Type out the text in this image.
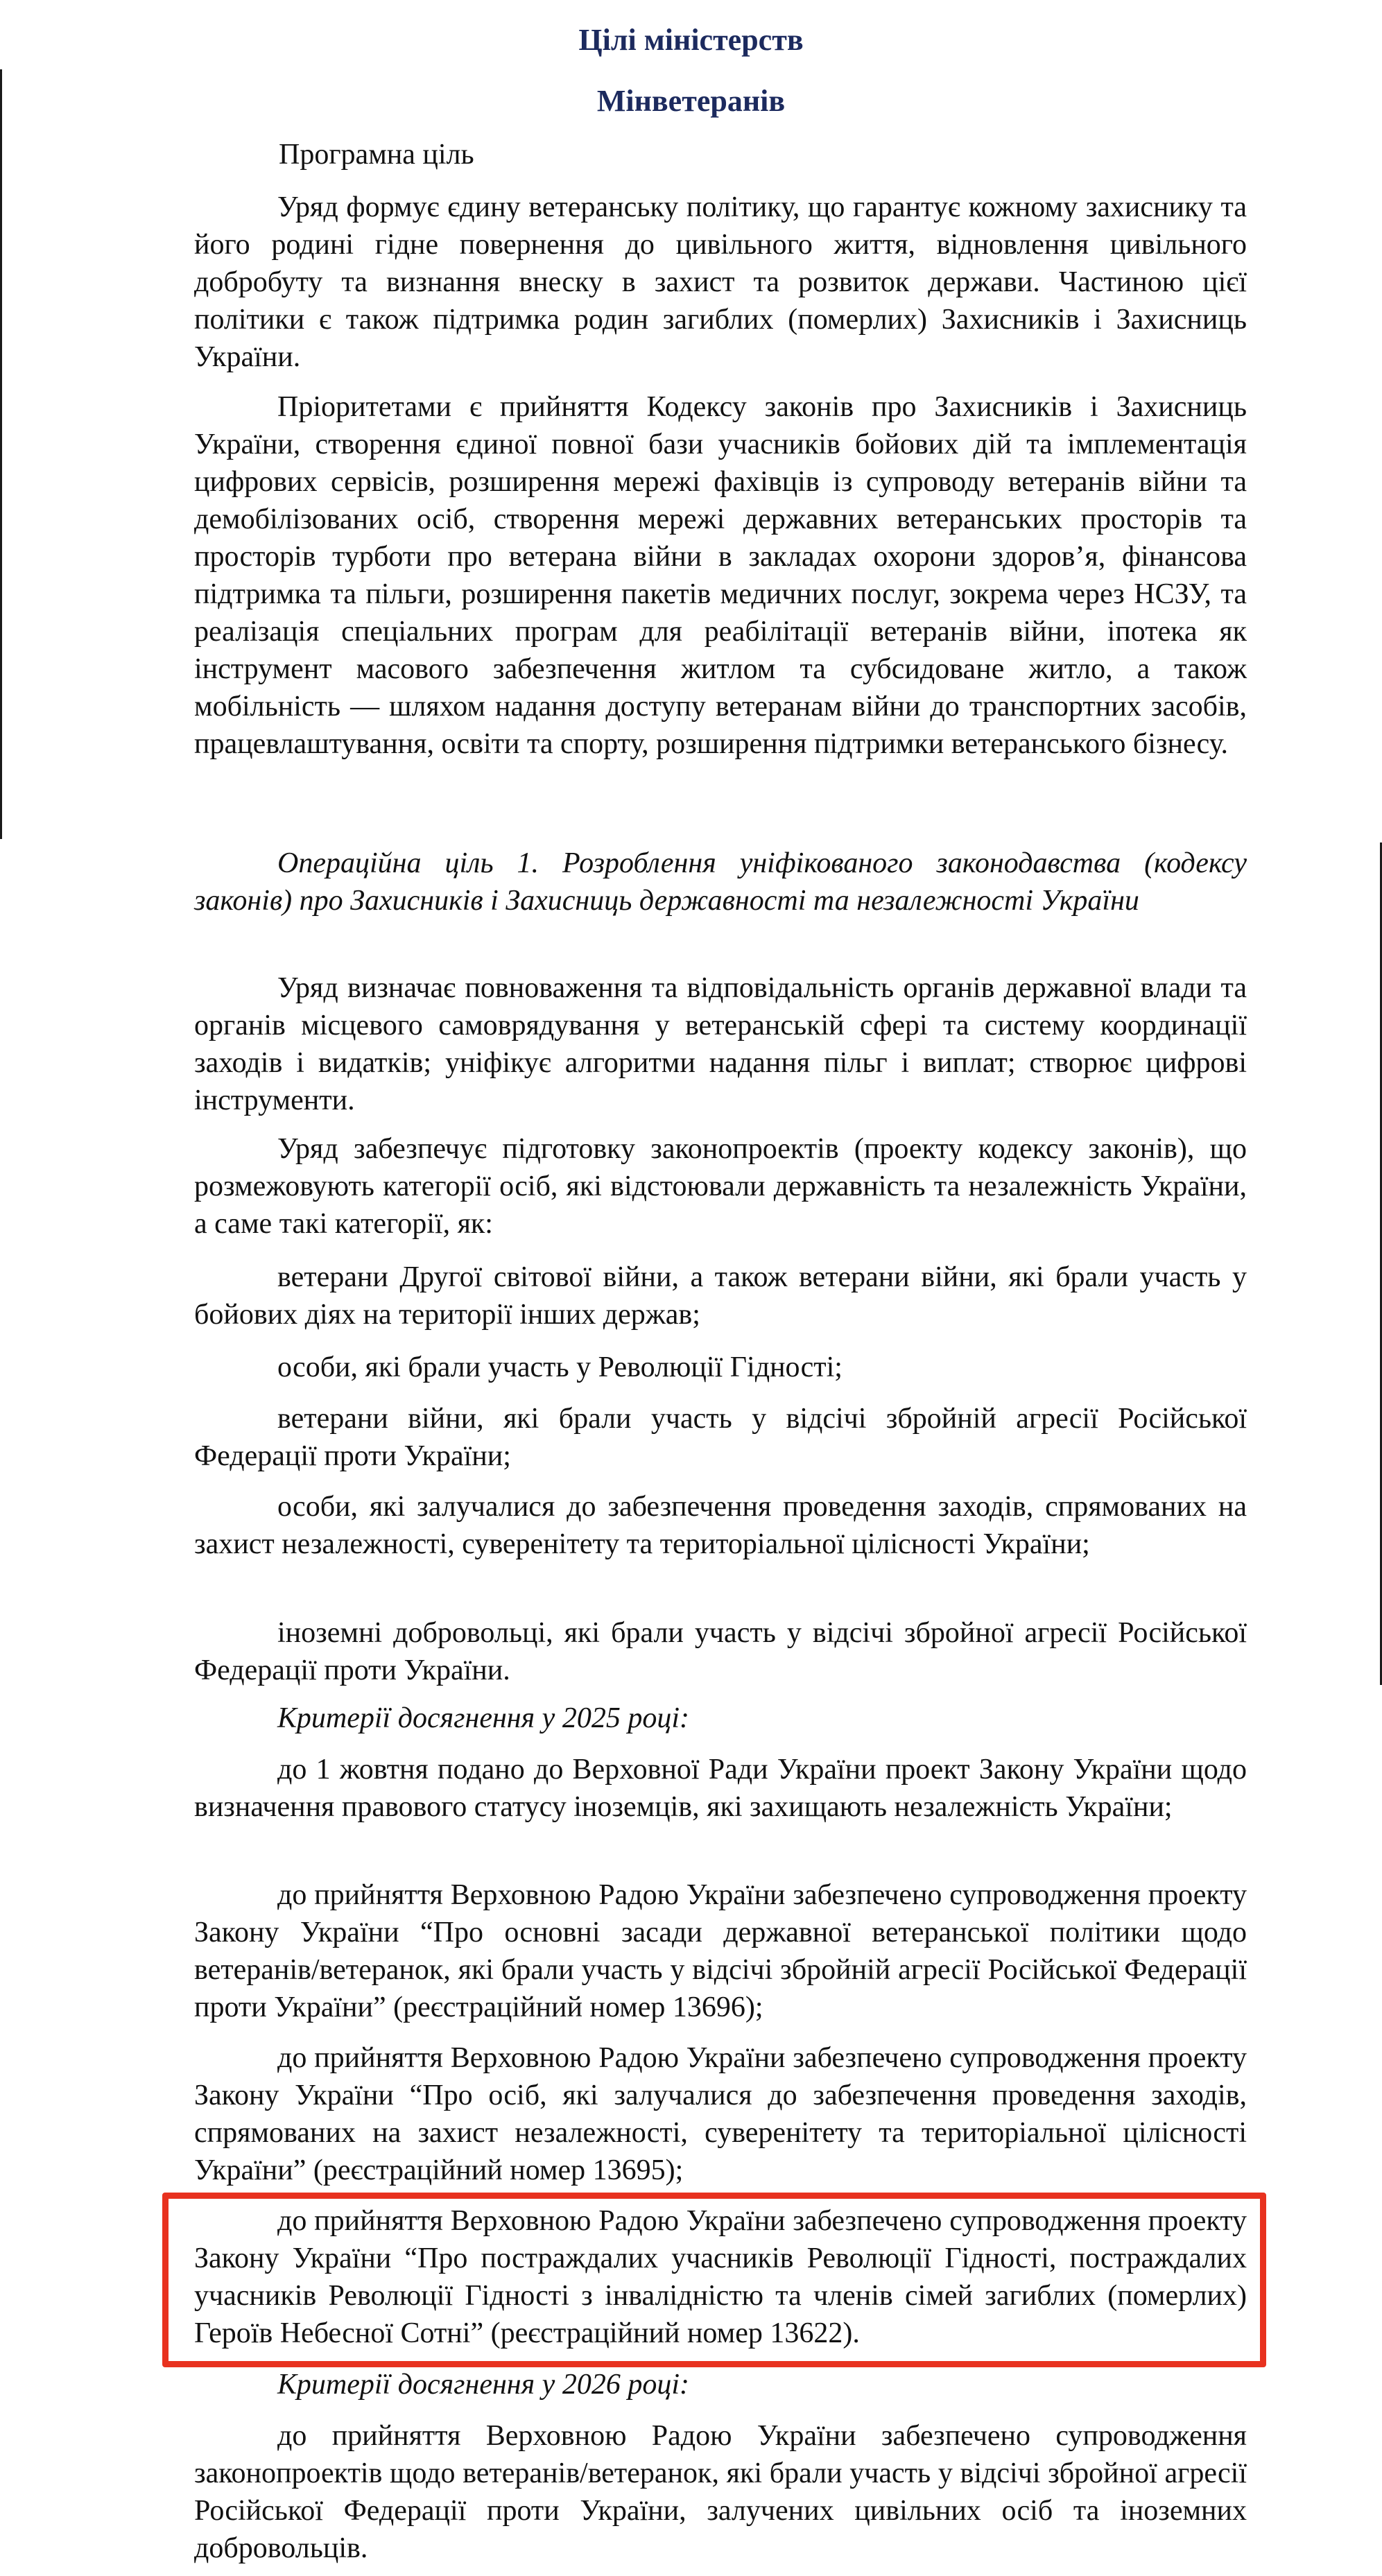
Цілі міністерств
Мінветеранів

Програмна ціль

Уряд формує єдину ветеранську політику, що гарантує кожному захиснику та його родині гідне повернення до цивільного життя, відновлення цивільного добробуту та визнання внеску в захист та розвиток держави. Частиною цієї політики є також підтримка родин загиблих (померлих) Захисників і Захисниць України.

Пріоритетами є прийняття Кодексу законів про Захисників і Захисниць України, створення єдиної повної бази учасників бойових дій та імплементація цифрових сервісів, розширення мережі фахівців із супроводу ветеранів війни та демобілізованих осіб, створення мережі державних ветеранських просторів та просторів турботи про ветерана війни в закладах охорони здоров’я, фінансова підтримка та пільги, розширення пакетів медичних послуг, зокрема через НСЗУ, та реалізація спеціальних програм для реабілітації ветеранів війни, іпотека як інструмент масового забезпечення житлом та субсидоване житло, а також мобільність — шляхом надання доступу ветеранам війни до транспортних засобів, працевлаштування, освіти та спорту, розширення підтримки ветеранського бізнесу.

Операційна ціль 1. Розроблення уніфікованого законодавства (кодексу законів) про Захисників і Захисниць державності та незалежності України

Уряд визначає повноваження та відповідальність органів державної влади та органів місцевого самоврядування у ветеранській сфері та систему координації заходів і видатків; уніфікує алгоритми надання пільг і виплат; створює цифрові інструменти.

Уряд забезпечує підготовку законопроектів (проекту кодексу законів), що розмежовують категорії осіб, які відстоювали державність та незалежність України, а саме такі категорії, як:

ветерани Другої світової війни, а також ветерани війни, які брали участь у бойових діях на території інших держав;

особи, які брали участь у Революції Гідності;

ветерани війни, які брали участь у відсічі збройній агресії Російської Федерації проти України;

особи, які залучалися до забезпечення проведення заходів, спрямованих на захист незалежності, суверенітету та територіальної цілісності України;

іноземні добровольці, які брали участь у відсічі збройної агресії Російської Федерації проти України.

Критерії досягнення у 2025 році:

до 1 жовтня подано до Верховної Ради України проект Закону України щодо визначення правового статусу іноземців, які захищають незалежність України;

до прийняття Верховною Радою України забезпечено супроводження проекту Закону України “Про основні засади державної ветеранської політики щодо ветеранів/ветеранок, які брали участь у відсічі збройній агресії Російської Федерації проти України” (реєстраційний номер 13696);

до прийняття Верховною Радою України забезпечено супроводження проекту Закону України “Про осіб, які залучалися до забезпечення проведення заходів, спрямованих на захист незалежності, суверенітету та територіальної цілісності України” (реєстраційний номер 13695);

до прийняття Верховною Радою України забезпечено супроводження проекту Закону України “Про постраждалих учасників Революції Гідності, постраждалих учасників Революції Гідності з інвалідністю та членів сімей загиблих (померлих) Героїв Небесної Сотні” (реєстраційний номер 13622).

Критерії досягнення у 2026 році:

до прийняття Верховною Радою України забезпечено супроводження законопроектів щодо ветеранів/ветеранок, які брали участь у відсічі збройної агресії Російської Федерації проти України, залучених цивільних осіб та іноземних добровольців.
